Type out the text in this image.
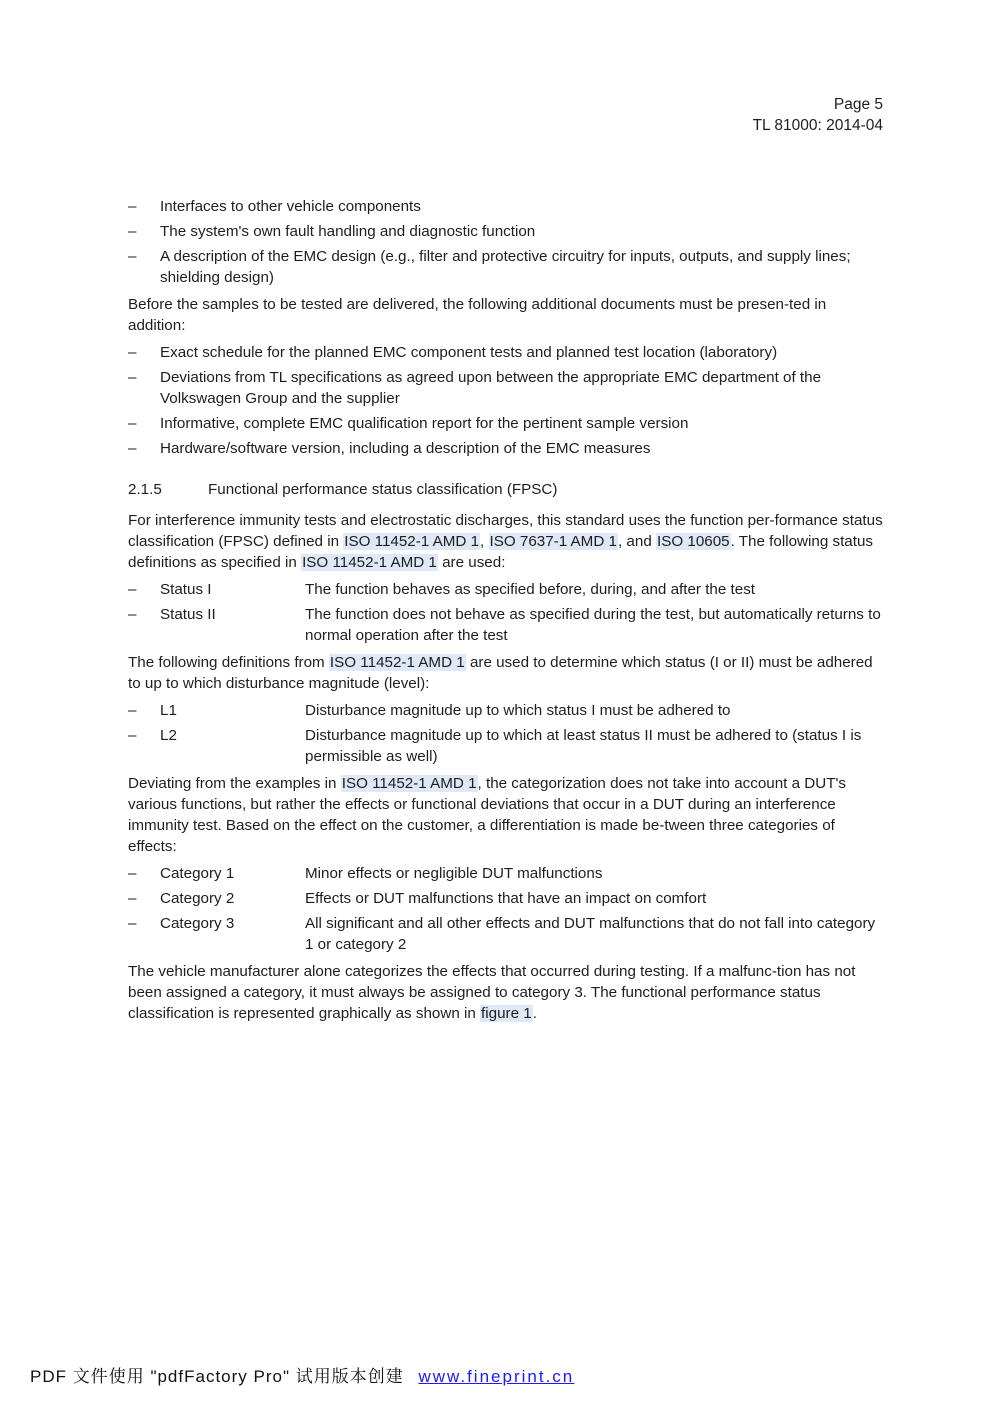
Page 5
TL 81000: 2014-04
– Interfaces to other vehicle components
– The system's own fault handling and diagnostic function
– A description of the EMC design (e.g., filter and protective circuitry for inputs, outputs, and supply lines; shielding design)

Before the samples to be tested are delivered, the following additional documents must be presen-ted in addition:

– Exact schedule for the planned EMC component tests and planned test location (laboratory)
– Deviations from TL specifications as agreed upon between the appropriate EMC department of the Volkswagen Group and the supplier
– Informative, complete EMC qualification report for the pertinent sample version
– Hardware/software version, including a description of the EMC measures
2.1.5	Functional performance status classification (FPSC)

For interference immunity tests and electrostatic discharges, this standard uses the function per-formance status classification (FPSC) defined in ISO 11452-1 AMD 1, ISO 7637-1 AMD 1, and ISO 10605. The following status definitions as specified in ISO 11452-1 AMD 1 are used:

–	Status I	The function behaves as specified before, during, and after the test
–	Status II	The function does not behave as specified during the test, but automatically returns to normal operation after the test

The following definitions from ISO 11452-1 AMD 1 are used to determine which status (I or II) must be adhered to up to which disturbance magnitude (level):

–	L1	Disturbance magnitude up to which status I must be adhered to
–	L2	Disturbance magnitude up to which at least status II must be adhered to (status I is permissible as well)

Deviating from the examples in ISO 11452-1 AMD 1, the categorization does not take into account a DUT's various functions, but rather the effects or functional deviations that occur in a DUT during an interference immunity test. Based on the effect on the customer, a differentiation is made be-tween three categories of effects:

–	Category 1	Minor effects or negligible DUT malfunctions
–	Category 2	Effects or DUT malfunctions that have an impact on comfort
–	Category 3	All significant and all other effects and DUT malfunctions that do not fall into category 1 or category 2

The vehicle manufacturer alone categorizes the effects that occurred during testing. If a malfunc-tion has not been assigned a category, it must always be assigned to category 3. The functional performance status classification is represented graphically as shown in figure 1.

PDF 文件使用 "pdfFactory Pro" 试用版本创建 www.fineprint.cn
